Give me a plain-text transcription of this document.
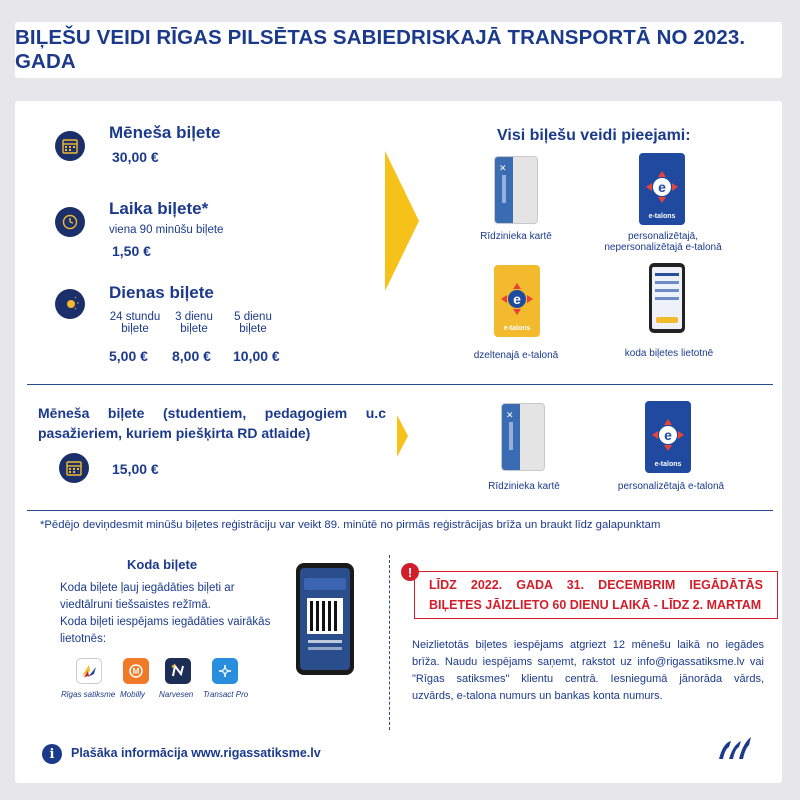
BIĻEŠU VEIDI RĪGAS PILSĒTAS SABIEDRISKAJĀ TRANSPORTĀ NO 2023. GADA
Mēneša biļete
30,00 €
Laika biļete*
viena 90 minūšu biļete
1,50 €
Dienas biļete
24 stundu
biļete
3 dienu
biļete
5 dienu
biļete
5,00 € 8,00 € 10,00 €
Visi biļešu veidi pieejami:
✕
Rīdzinieka kartē
e
e-talons
personalizētajā,
nepersonalizētajā e-talonā
e
e-talons
dzeltenajā e-talonā	koda biļetes lietotnē
Mēneša biļete (studentiem, pedagogiem u.c
pasažieriem, kuriem piešķirta RD atlaide)
15,00 €
✕
Rīdzinieka kartē
e
e-talons
personalizētajā e-talonā
*Pēdējo deviņdesmit minūšu biļetes reģistrāciju var veikt 89. minūtē no pirmās reģistrācijas brīža un braukt līdz galapunktam
Koda biļete
Koda biļete ļauj iegādāties biļeti ar
viedtālruni tiešsaistes režīmā.
Koda biļeti iespējams iegādāties vairākās
lietotnēs:
Rīgas satiksme
M
Mobilly Narvesen Transact Pro
!
LĪDZ 2022. GADA 31. DECEMBRIM IEGĀDĀTĀS
BIĻETES JĀIZLIETO 60 DIENU LAIKĀ - LĪDZ 2. MARTAM
Neizlietotās biļetes iespējams atgriezt 12 mēnešu laikā no iegādes
brīža. Naudu iespējams saņemt, rakstot uz info@rigassatiksme.lv vai
"Rīgas satiksmes" klientu centrā. Iesniegumā jānorāda vārds,
uzvārds, e-talona numurs un bankas konta numurs.
i	Plašāka informācija www.rigassatiksme.lv
